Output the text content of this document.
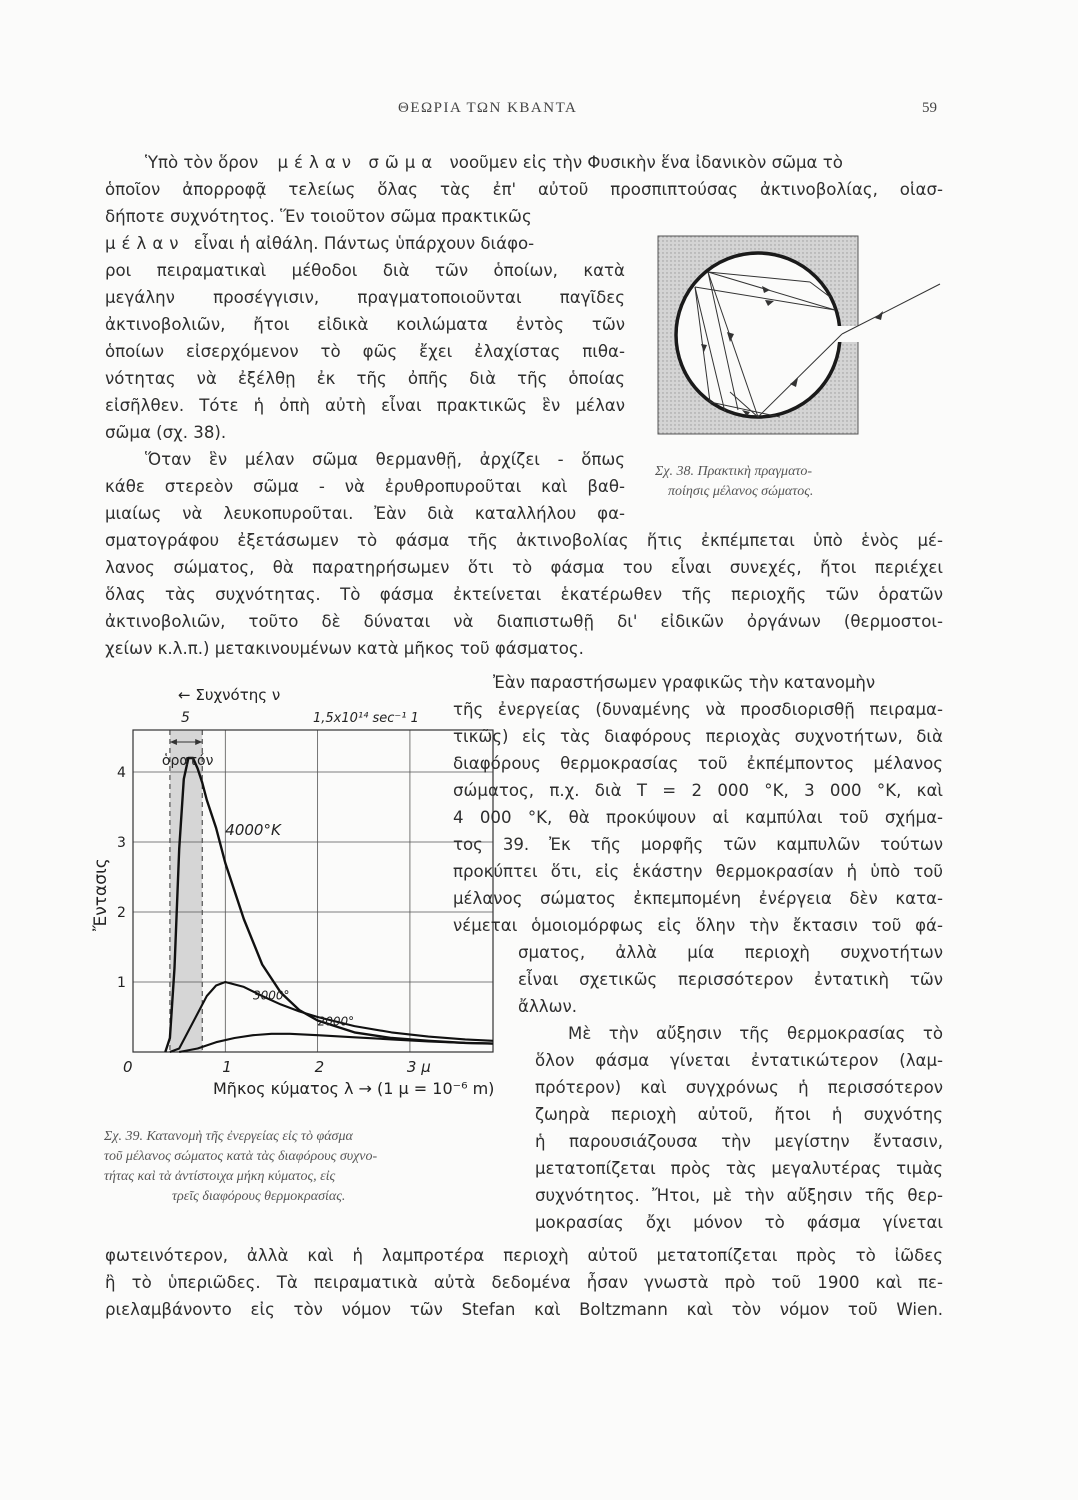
ΘΕΩΡΙΑ ΤΩΝ ΚΒΑΝΤΑ	59
Ὑπὸ τὸν ὅρον μέλαν σῶμα νοοῦμεν εἰς τὴν Φυσικὴν ἕνα ἰδανικὸν σῶμα τὸ
ὁποῖον ἀπορροφᾷ τελείως ὅλας τὰς ἐπ' αὐτοῦ προσπιπτούσας ἀκτινοβολίας, οἱασ-
δήποτε συχνότητος. Ἕν τοιοῦτον σῶμα πρακτικῶς
μέλαν εἶναι ἡ αἰθάλη. Πάντως ὑπάρχουν διάφο-
ροι πειραματικαὶ μέθοδοι διὰ τῶν ὁποίων, κατὰ
μεγάλην προσέγγισιν, πραγματοποιοῦνται παγῖδες
ἀκτινοβολιῶν, ἤτοι εἰδικὰ κοιλώματα ἐντὸς τῶν
ὁποίων εἰσερχόμενον τὸ φῶς ἔχει ἐλαχίστας πιθα-
νότητας νὰ ἐξέλθῃ ἐκ τῆς ὀπῆς διὰ τῆς ὁποίας
εἰσῆλθεν. Τότε ἡ ὀπὴ αὐτὴ εἶναι πρακτικῶς ἓν μέλαν
σῶμα (σχ. 38).
Ὅταν ἓν μέλαν σῶμα θερμανθῇ, ἀρχίζει - ὅπως
κάθε στερεὸν σῶμα - νὰ ἐρυθροπυροῦται καὶ βαθ-
μιαίως νὰ λευκοπυροῦται. Ἐὰν διὰ καταλλήλου φα-
σματογράφου ἐξετάσωμεν τὸ φάσμα τῆς ἀκτινοβολίας ἥτις ἐκπέμπεται ὑπὸ ἑνὸς μέ-
λανος σώματος, θὰ παρατηρήσωμεν ὅτι τὸ φάσμα του εἶναι συνεχές, ἤτοι περιέχει
ὅλας τὰς συχνότητας. Τὸ φάσμα ἐκτείνεται ἑκατέρωθεν τῆς περιοχῆς τῶν ὁρατῶν
ἀκτινοβολιῶν, τοῦτο δὲ δύναται νὰ διαπιστωθῇ δι' εἰδικῶν ὀργάνων (θερμοστοι-
χείων κ.λ.π.) μετακινουμένων κατὰ μῆκος τοῦ φάσματος.
Σχ. 38. Πρακτικὴ πραγματο-
ποίησις μέλανος σώματος.
4000°K
3000°
2000°
0	1	2	3 μ
1
2
3
4
Ἔντασις
Μῆκος κύματος λ → (1 μ = 10⁻⁶ m)
← Συχνότης ν
5	1,5x10¹⁴ sec⁻¹ 1
ὁρατόν
Σχ. 39. Κατανομὴ τῆς ἐνεργείας εἰς τὸ φάσμα
τοῦ μέλανος σώματος κατὰ τὰς διαφόρους συχνο-
τήτας καὶ τὰ ἀντίστοιχα μήκη κύματος, εἰς
τρεῖς διαφόρους θερμοκρασίας.
Ἐὰν παραστήσωμεν γραφικῶς τὴν κατανομὴν
τῆς ἐνεργείας (δυναμένης νὰ προσδιορισθῇ πειραμα-
τικῶς) εἰς τὰς διαφόρους περιοχὰς συχνοτήτων, διὰ
διαφόρους θερμοκρασίας τοῦ ἐκπέμποντος μέλανος
σώματος, π.χ. διὰ Τ = 2 000 °Κ, 3 000 °Κ, καὶ
4 000 °Κ, θὰ προκύψουν αἱ καμπύλαι τοῦ σχήμα-
τος 39. Ἐκ τῆς μορφῆς τῶν καμπυλῶν τούτων
προκύπτει ὅτι, εἰς ἑκάστην θερμοκρασίαν ἡ ὑπὸ τοῦ
μέλανος σώματος ἐκπεμπομένη ἐνέργεια δὲν κατα-
νέμεται ὁμοιομόρφως εἰς ὅλην τὴν ἔκτασιν τοῦ φά-
σματος, ἀλλὰ μία περιοχὴ συχνοτήτων
εἶναι σχετικῶς περισσότερον ἐντατικὴ τῶν
ἄλλων.
Μὲ τὴν αὔξησιν τῆς θερμοκρασίας τὸ
ὅλον φάσμα γίνεται ἐντατικώτερον (λαμ-
πρότερον) καὶ συγχρόνως ἡ περισσότερον
ζωηρὰ περιοχὴ αὐτοῦ, ἤτοι ἡ συχνότης
ἡ παρουσιάζουσα τὴν μεγίστην ἔντασιν,
μετατοπίζεται πρὸς τὰς μεγαλυτέρας τιμὰς
συχνότητος. Ἤτοι, μὲ τὴν αὔξησιν τῆς θερ-
μοκρασίας ὄχι μόνον τὸ φάσμα γίνεται
φωτεινότερον, ἀλλὰ καὶ ἡ λαμπροτέρα περιοχὴ αὐτοῦ μετατοπίζεται πρὸς τὸ ἰῶδες
ἢ τὸ ὑπεριῶδες. Τὰ πειραματικὰ αὐτὰ δεδομένα ἦσαν γνωστὰ πρὸ τοῦ 1900 καὶ πε-
ριελαμβάνοντο εἰς τὸν νόμον τῶν Stefan καὶ Boltzmann καὶ τὸν νόμον τοῦ Wien.
